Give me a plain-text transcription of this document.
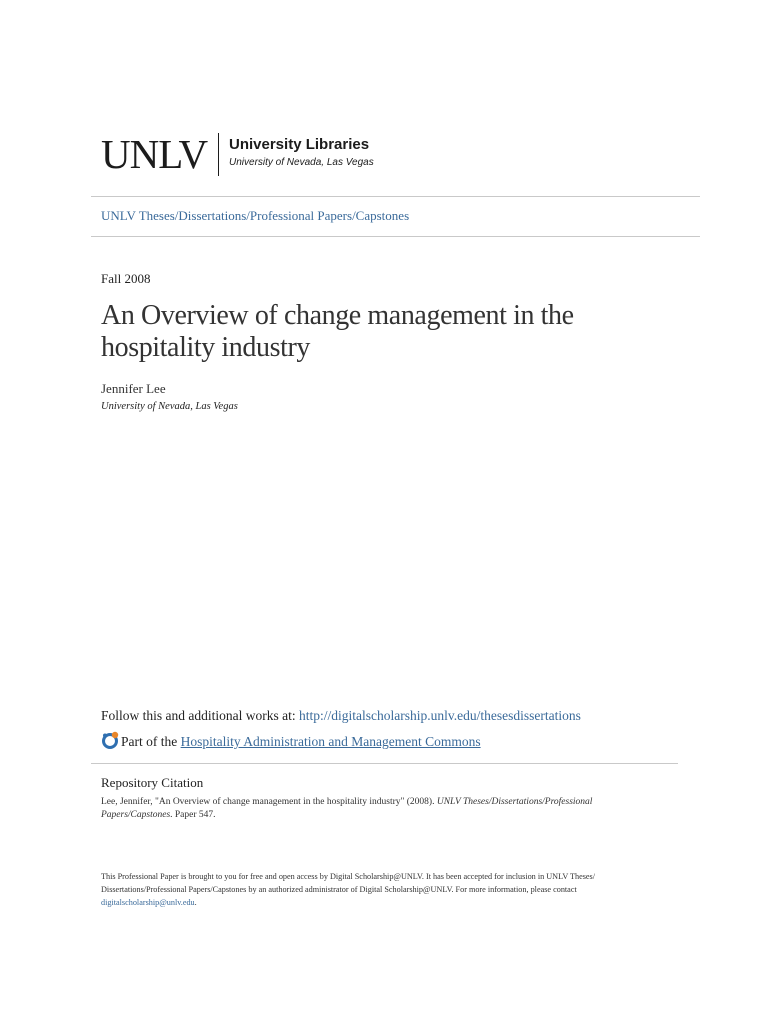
UNLV University Libraries
University of Nevada, Las Vegas
UNLV Theses/Dissertations/Professional Papers/Capstones
Fall 2008
An Overview of change management in the hospitality industry
Jennifer Lee
University of Nevada, Las Vegas
Follow this and additional works at: http://digitalscholarship.unlv.edu/thesesdissertations
Part of the Hospitality Administration and Management Commons
Repository Citation
Lee, Jennifer, "An Overview of change management in the hospitality industry" (2008). UNLV Theses/Dissertations/Professional Papers/Capstones. Paper 547.
This Professional Paper is brought to you for free and open access by Digital Scholarship@UNLV. It has been accepted for inclusion in UNLV Theses/ Dissertations/Professional Papers/Capstones by an authorized administrator of Digital Scholarship@UNLV. For more information, please contact digitalscholarship@unlv.edu.
